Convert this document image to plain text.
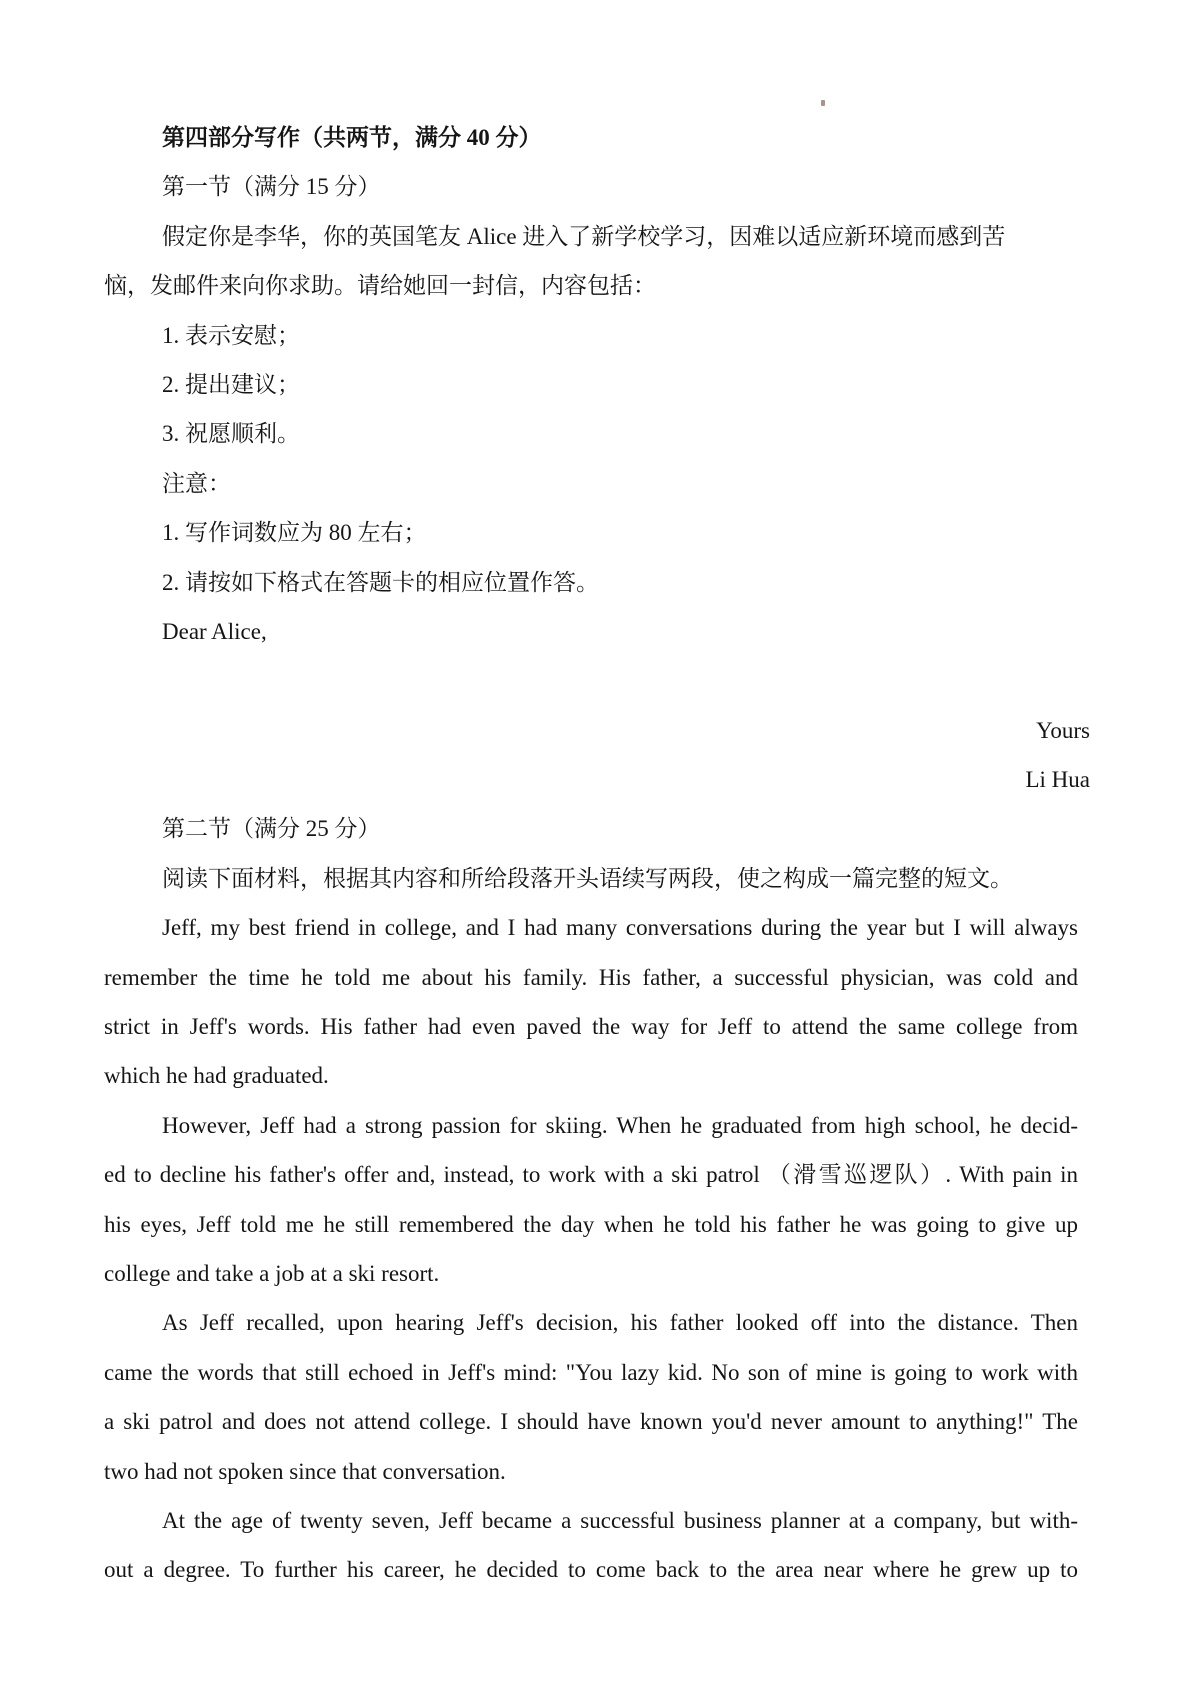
第四部分写作（共两节，满分 40 分）
第一节（满分 15 分）
假定你是李华，你的英国笔友 Alice 进入了新学校学习，因难以适应新环境而感到苦
恼，发邮件来向你求助。请给她回一封信，内容包括：
1. 表示安慰；
2. 提出建议；
3. 祝愿顺利。
注意：
1. 写作词数应为 80 左右；
2. 请按如下格式在答题卡的相应位置作答。
Dear Alice,
Yours
Li Hua
第二节（满分 25 分）
阅读下面材料，根据其内容和所给段落开头语续写两段，使之构成一篇完整的短文。
Jeff, my best friend in college, and I had many conversations during the year but I will always
remember the time he told me about his family. His father, a successful physician, was cold and
strict in Jeff's words. His father had even paved the way for Jeff to attend the same college from
which he had graduated.
However, Jeff had a strong passion for skiing. When he graduated from high school, he decid-
ed to decline his father's offer and, instead, to work with a ski patrol （滑雪巡逻队）. With pain in
his eyes, Jeff told me he still remembered the day when he told his father he was going to give up
college and take a job at a ski resort.
As Jeff recalled, upon hearing Jeff's decision, his father looked off into the distance. Then
came the words that still echoed in Jeff's mind: "You lazy kid. No son of mine is going to work with
a ski patrol and does not attend college. I should have known you'd never amount to anything!" The
two had not spoken since that conversation.
At the age of twenty seven, Jeff became a successful business planner at a company, but with-
out a degree. To further his career, he decided to come back to the area near where he grew up to
